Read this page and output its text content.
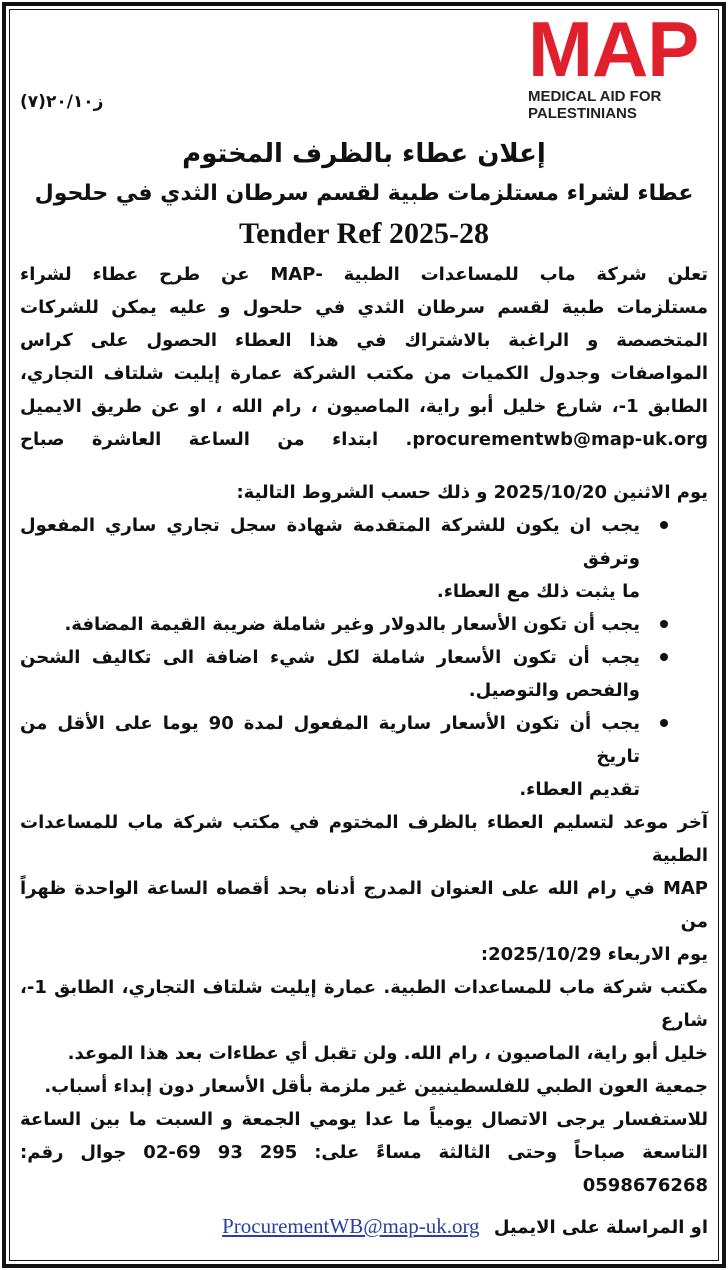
MAP
MEDICAL AID FOR
PALESTINIANS
ز٢٠/١٠(٧)
إعلان عطاء بالظرف المختوم
عطاء لشراء مستلزمات طبية لقسم سرطان الثدي في حلحول
Tender Ref 2025-28
تعلن شركة ماب للمساعدات الطبية -MAP عن طرح عطاء لشراء
مستلزمات طبية لقسم سرطان الثدي في حلحول و عليه يمكن للشركات
المتخصصة و الراغبة بالاشتراك في هذا العطاء الحصول على كراس
المواصفات وجدول الكميات من مكتب الشركة عمارة إيليت شلتاف التجاري،
الطابق 1-، شارع خليل أبو راية، الماصيون ، رام الله ، او عن طريق الايميل
procurementwb@map-uk.org. ابتداء من الساعة العاشرة صباح
يوم الاثنين 2025/10/20 و ذلك حسب الشروط التالية:
يجب ان يكون للشركة المتقدمة شهادة سجل تجاري ساري المفعول وترفق
ما يثبت ذلك مع العطاء.
يجب أن تكون الأسعار بالدولار وغير شاملة ضريبة القيمة المضافة.
يجب أن تكون الأسعار شاملة لكل شيء اضافة الى تكاليف الشحن
والفحص والتوصيل.
يجب أن تكون الأسعار سارية المفعول لمدة 90 يوما على الأقل من تاريخ
تقديم العطاء.
آخر موعد لتسليم العطاء بالظرف المختوم في مكتب شركة ماب للمساعدات الطبية
MAP في رام الله على العنوان المدرج أدناه بحد أقصاه الساعة الواحدة ظهراً من
يوم الاربعاء 2025/10/29:
مكتب شركة ماب للمساعدات الطبية. عمارة إيليت شلتاف التجاري، الطابق 1-، شارع
خليل أبو راية، الماصيون ، رام الله. ولن تقبل أي عطاءات بعد هذا الموعد.
جمعية العون الطبي للفلسطينيين غير ملزمة بأقل الأسعار دون إبداء أسباب.
للاستفسار يرجى الاتصال يومياً ما عدا يومي الجمعة و السبت ما بين الساعة
التاسعة صباحاً وحتى الثالثة مساءً على: 295 93 69-02 جوال رقم: 0598676268
او المراسلة على الايميل ProcurementWB@map-uk.org
